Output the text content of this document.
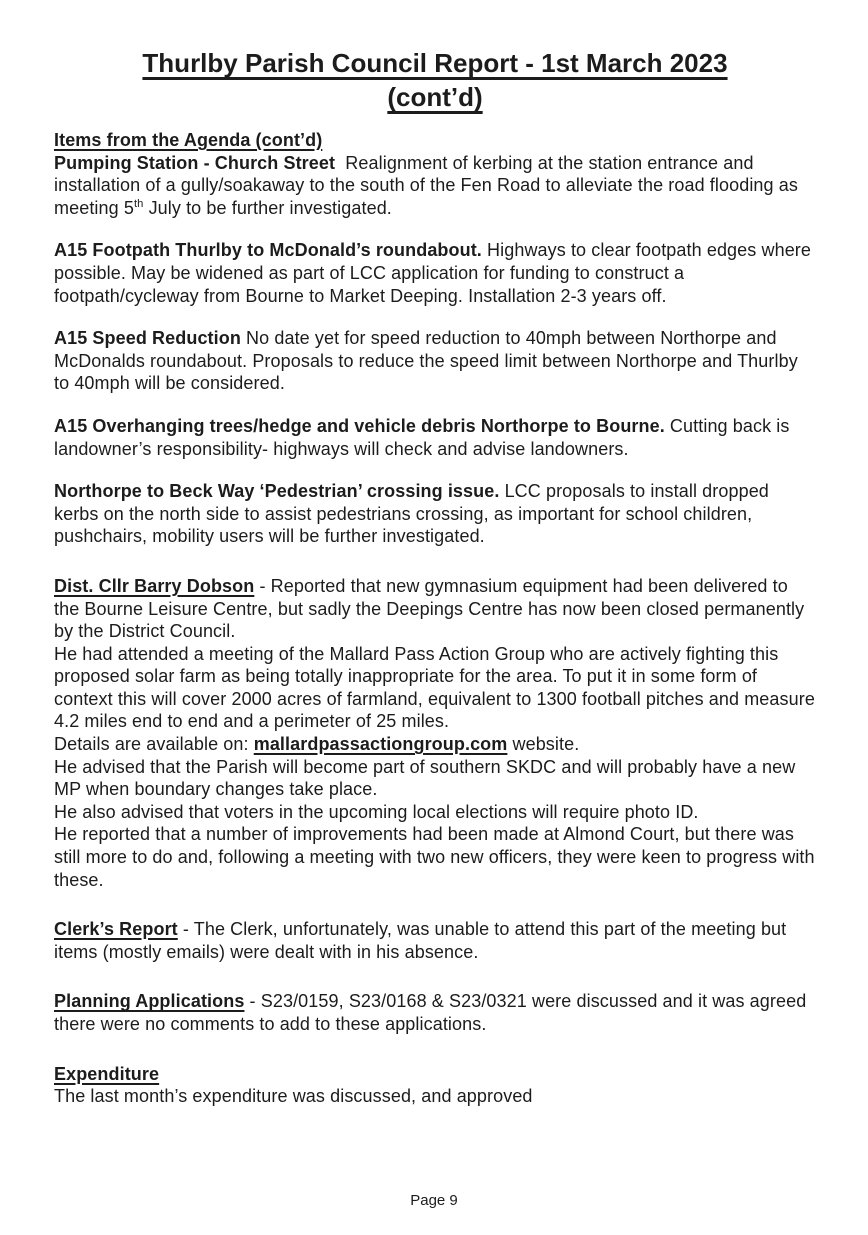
Thurlby Parish Council Report - 1st March 2023
(cont’d)

Items from the Agenda (cont’d)

Pumping Station - Church Street  Realignment of kerbing at the station entrance and installation of a gully/soakaway to the south of the Fen Road to alleviate the road flooding as meeting 5th July to be further investigated.

A15 Footpath Thurlby to McDonald’s roundabout. Highways to clear footpath edges where possible. May be widened as part of LCC application for funding to construct a footpath/cycleway from Bourne to Market Deeping. Installation 2-3 years off.

A15 Speed Reduction No date yet for speed reduction to 40mph between Northorpe and McDonalds roundabout. Proposals to reduce the speed limit between Northorpe and Thurlby to 40mph will be considered.

A15 Overhanging trees/hedge and vehicle debris Northorpe to Bourne. Cutting back is landowner’s responsibility- highways will check and advise landowners.

Northorpe to Beck Way ‘Pedestrian’ crossing issue. LCC proposals to install dropped kerbs on the north side to assist pedestrians crossing, as important for school children, pushchairs, mobility users will be further investigated.

Dist. Cllr Barry Dobson - Reported that new gymnasium equipment had been delivered to the Bourne Leisure Centre, but sadly the Deepings Centre has now been closed permanently by the District Council.

He had attended a meeting of the Mallard Pass Action Group who are actively fighting this proposed solar farm as being totally inappropriate for the area. To put it in some form of context this will cover 2000 acres of farmland, equivalent to 1300 football pitches and measure 4.2 miles end to end and a perimeter of 25 miles.

Details are available on: mallardpassactiongroup.com website.

He advised that the Parish will become part of southern SKDC and will probably have a new MP when boundary changes take place.

He also advised that voters in the upcoming local elections will require photo ID.

He reported that a number of improvements had been made at Almond Court, but there was still more to do and, following a meeting with two new officers, they were keen to progress with these.

Clerk’s Report - The Clerk, unfortunately, was unable to attend this part of the meeting but items (mostly emails) were dealt with in his absence.

Planning Applications - S23/0159, S23/0168 & S23/0321 were discussed and it was agreed there were no comments to add to these applications.

Expenditure

The last month’s expenditure was discussed, and approved

Page 9
